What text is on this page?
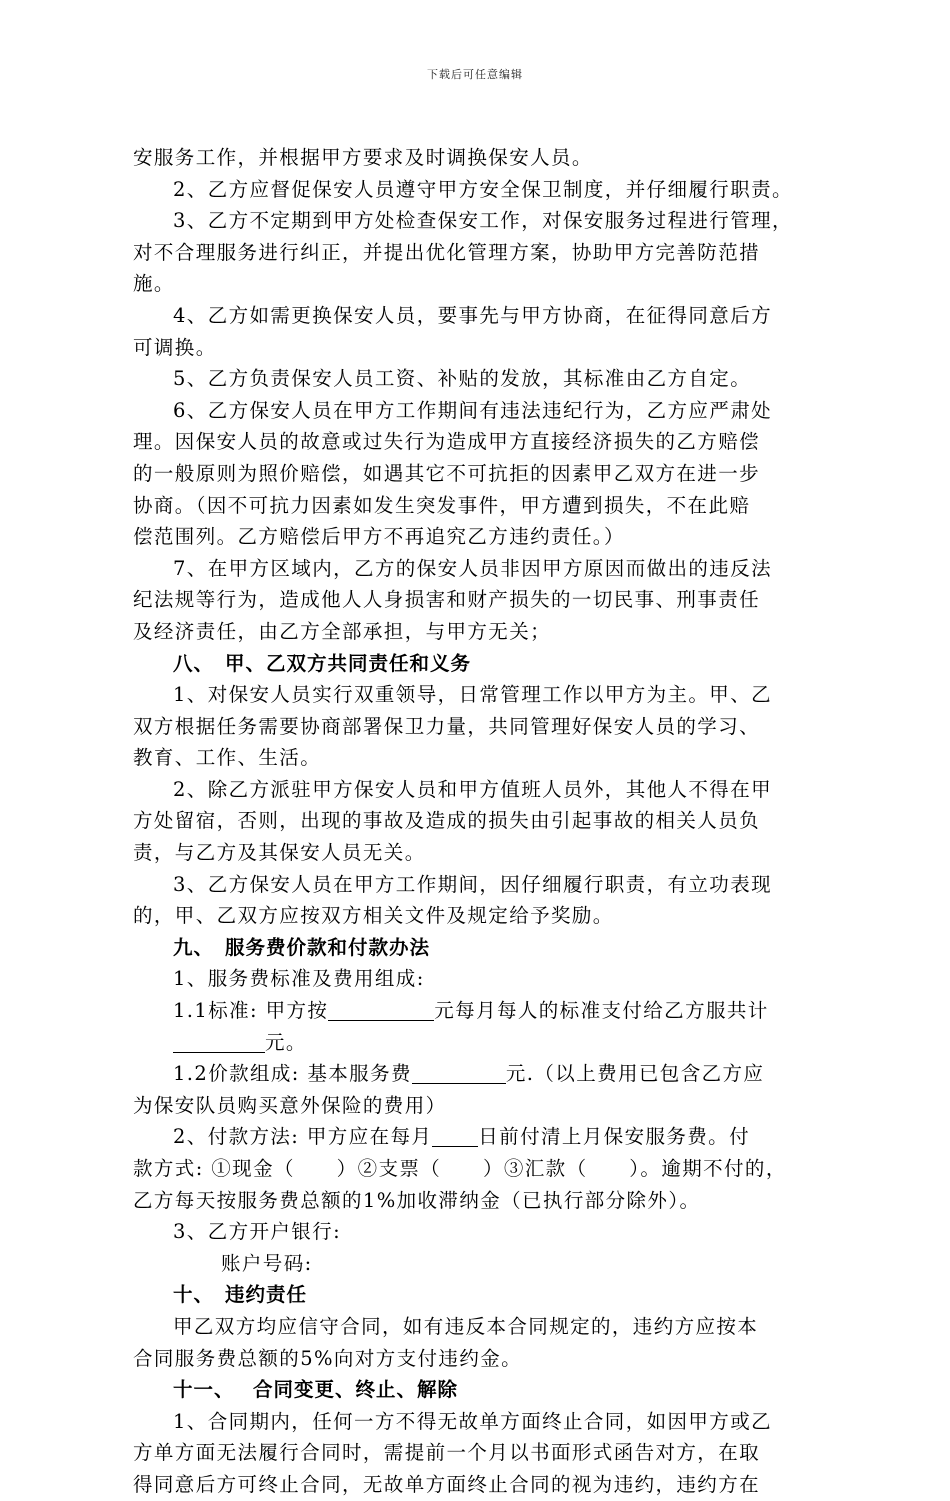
下载后可任意编辑
安服务工作，并根据甲方要求及时调换保安人员。
2、乙方应督促保安人员遵守甲方安全保卫制度，并仔细履行职责。
3、乙方不定期到甲方处检查保安工作，对保安服务过程进行管理，
对不合理服务进行纠正，并提出优化管理方案，协助甲方完善防范措
施。
4、乙方如需更换保安人员，要事先与甲方协商，在征得同意后方
可调换。
5、乙方负责保安人员工资、补贴的发放，其标准由乙方自定。
6、乙方保安人员在甲方工作期间有违法违纪行为，乙方应严肃处
理。因保安人员的故意或过失行为造成甲方直接经济损失的乙方赔偿
的一般原则为照价赔偿，如遇其它不可抗拒的因素甲乙双方在进一步
协商。（因不可抗力因素如发生突发事件，甲方遭到损失，不在此赔
偿范围列。乙方赔偿后甲方不再追究乙方违约责任。）
7、在甲方区域内，乙方的保安人员非因甲方原因而做出的违反法
纪法规等行为，造成他人人身损害和财产损失的一切民事、刑事责任
及经济责任，由乙方全部承担，与甲方无关；
八、 甲、乙双方共同责任和义务
1、对保安人员实行双重领导，日常管理工作以甲方为主。甲、乙
双方根据任务需要协商部署保卫力量，共同管理好保安人员的学习、
教育、工作、生活。
2、除乙方派驻甲方保安人员和甲方值班人员外，其他人不得在甲
方处留宿，否则，出现的事故及造成的损失由引起事故的相关人员负
责，与乙方及其保安人员无关。
3、乙方保安人员在甲方工作期间，因仔细履行职责，有立功表现
的，甲、乙双方应按双方相关文件及规定给予奖励。
九、 服务费价款和付款办法
1、服务费标准及费用组成:
1.1标准: 甲方按	元每月每人的标准支付给乙方服共计
元。
1.2价款组成: 基本服务费	元.（以上费用已包含乙方应
为保安队员购买意外保险的费用）
2、付款方法: 甲方应在每月 日前付清上月保安服务费。付
款方式: ①现金（　　）②支票（　　）③汇款（　　）。逾期不付的，
乙方每天按服务费总额的1%加收滞纳金（已执行部分除外）。
3、乙方开户银行:
账户号码:
十、 违约责任
甲乙双方均应信守合同，如有违反本合同规定的，违约方应按本
合同服务费总额的5%向对方支付违约金。
十一、 合同变更、终止、解除
1、合同期内，任何一方不得无故单方面终止合同，如因甲方或乙
方单方面无法履行合同时，需提前一个月以书面形式函告对方，在取
得同意后方可终止合同，无故单方面终止合同的视为违约，违约方在
